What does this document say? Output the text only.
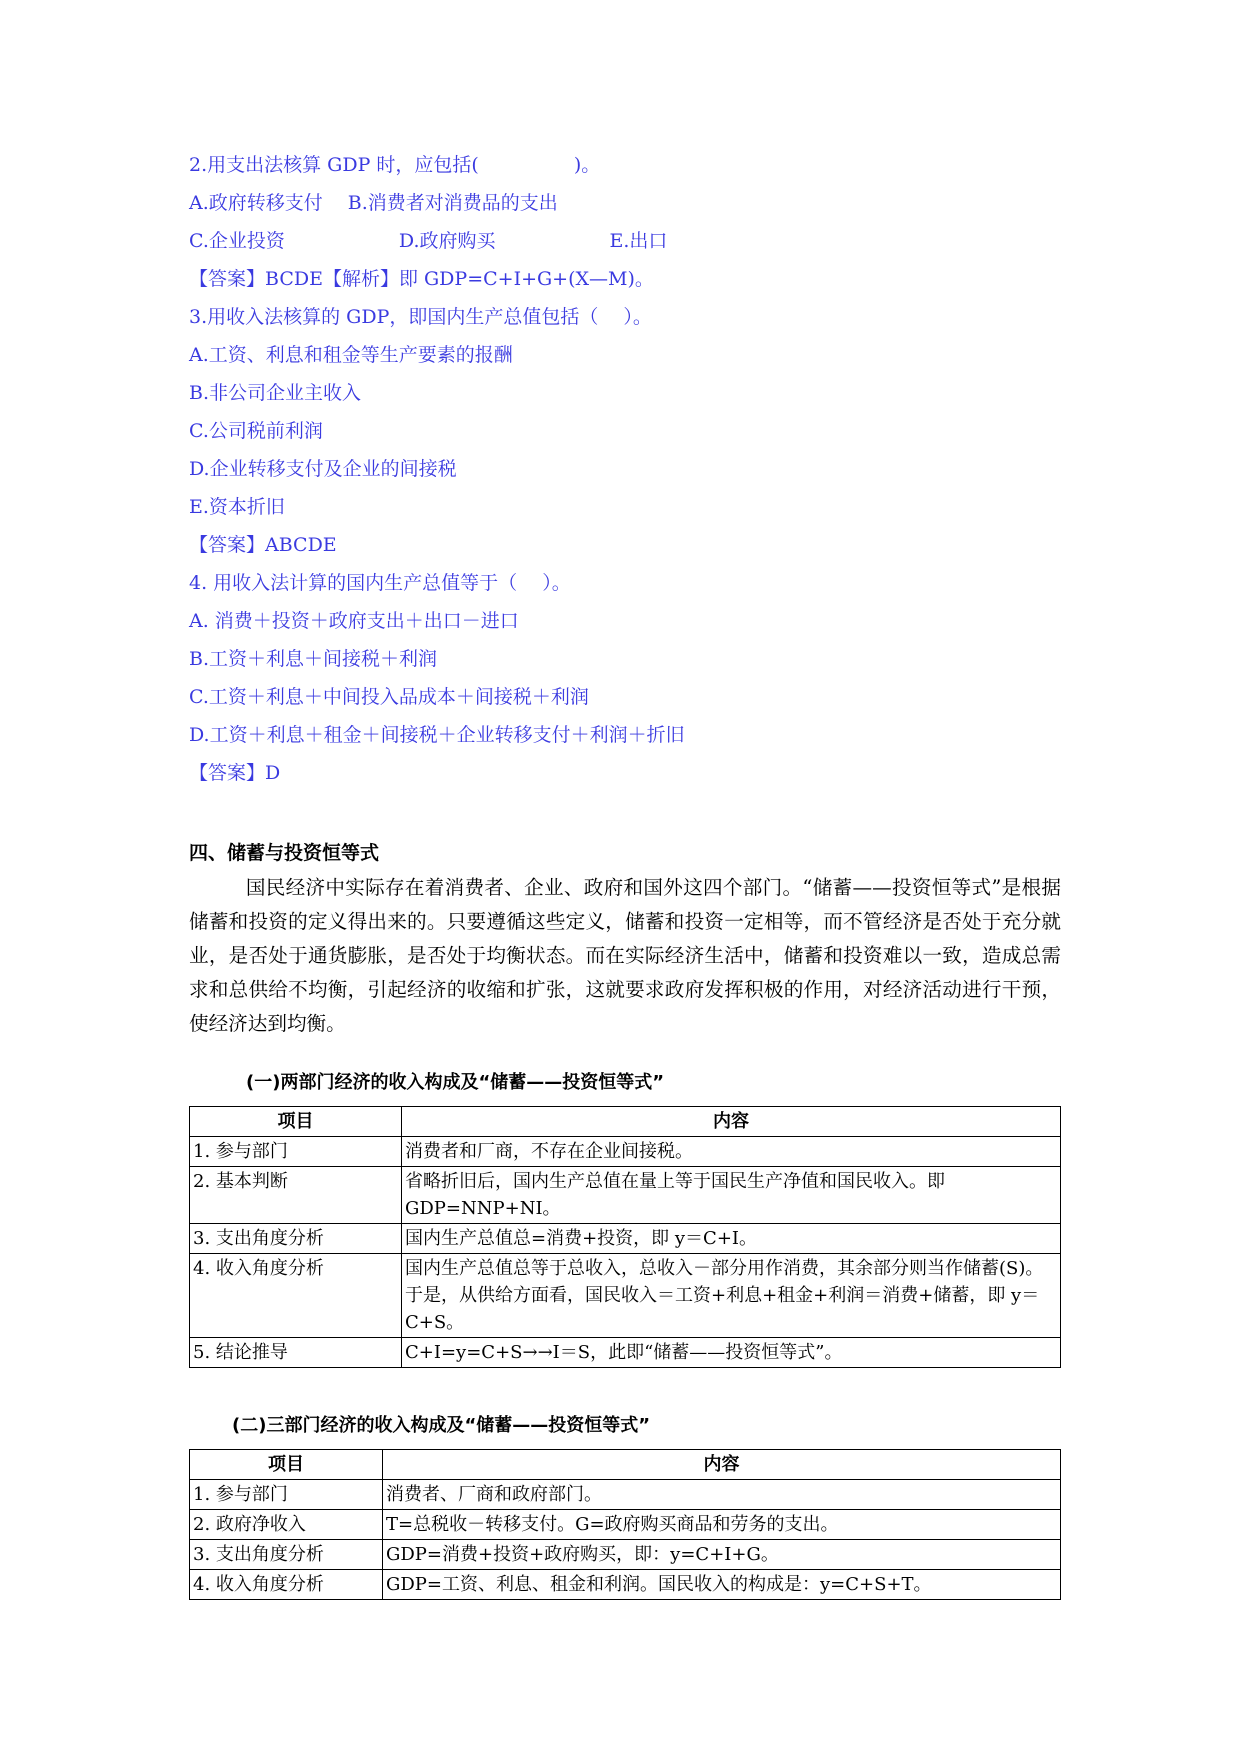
2.用支出法核算 GDP 时，应包括(　　　　　)。
A.政府转移支付　 B.消费者对消费品的支出
C.企业投资　　　　　　D.政府购买　　　　　　E.出口
【答案】BCDE【解析】即 GDP=C+I+G+(X—M)。
3.用收入法核算的 GDP，即国内生产总值包括（　 ）。
A.工资、利息和租金等生产要素的报酬
B.非公司企业主收入
C.公司税前利润
D.企业转移支付及企业的间接税
E.资本折旧
【答案】ABCDE
4. 用收入法计算的国内生产总值等于（　 ）。
A. 消费＋投资＋政府支出＋出口－进口
B.工资＋利息＋间接税＋利润
C.工资＋利息＋中间投入品成本＋间接税＋利润
D.工资＋利息＋租金＋间接税＋企业转移支付＋利润＋折旧
【答案】D
四、储蓄与投资恒等式

国民经济中实际存在着消费者、企业、政府和国外这四个部门。“储蓄——投资恒等式”是根据储蓄和投资的定义得出来的。只要遵循这些定义，储蓄和投资一定相等，而不管经济是否处于充分就业，是否处于通货膨胀，是否处于均衡状态。而在实际经济生活中，储蓄和投资难以一致，造成总需求和总供给不均衡，引起经济的收缩和扩张，这就要求政府发挥积极的作用，对经济活动进行干预，使经济达到均衡。

(一)两部门经济的收入构成及“储蓄——投资恒等式”
项目	内容
1. 参与部门	消费者和厂商，不存在企业间接税。
2. 基本判断	省略折旧后，国内生产总值在量上等于国民生产净值和国民收入。即GDP=NNP+NI。
3. 支出角度分析	国内生产总值总=消费+投资，即 y＝C+I。
4. 收入角度分析	国内生产总值总等于总收入，总收入－部分用作消费，其余部分则当作储蓄(S)。于是，从供给方面看，国民收入＝工资+利息+租金+利润＝消费+储蓄，即 y＝C+S。
5. 结论推导	C+I=y=C+S→→I＝S，此即“储蓄——投资恒等式”。
(二)三部门经济的收入构成及“储蓄——投资恒等式”
项目	内容
1. 参与部门	消费者、厂商和政府部门。
2. 政府净收入	T=总税收－转移支付。G=政府购买商品和劳务的支出。
3. 支出角度分析	GDP=消费+投资+政府购买，即：y=C+I+G。
4. 收入角度分析	GDP=工资、利息、租金和利润。国民收入的构成是：y=C+S+T。
